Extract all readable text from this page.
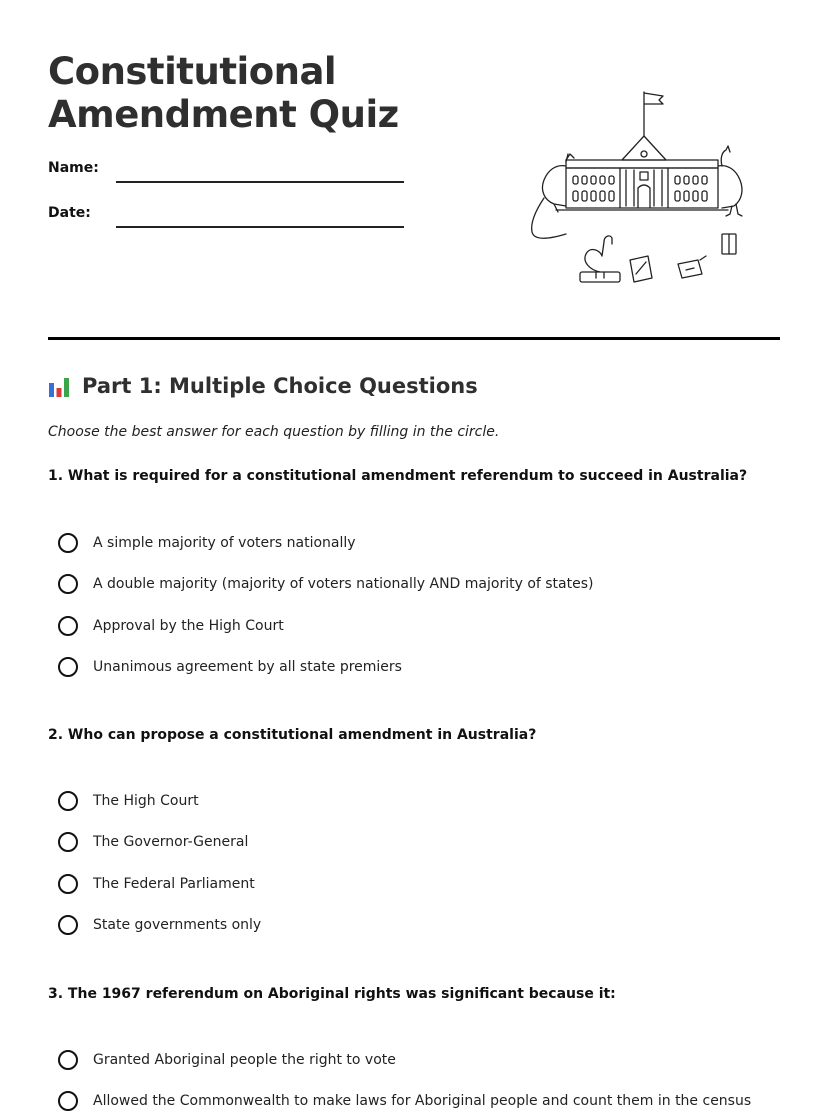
Constitutional
Amendment Quiz
Name:
Date:
Part 1: Multiple Choice Questions
Choose the best answer for each question by filling in the circle.
1. What is required for a constitutional amendment referendum to succeed in Australia?
A simple majority of voters nationally
A double majority (majority of voters nationally AND majority of states)
Approval by the High Court
Unanimous agreement by all state premiers
2. Who can propose a constitutional amendment in Australia?
The High Court
The Governor-General
The Federal Parliament
State governments only
3. The 1967 referendum on Aboriginal rights was significant because it:
Granted Aboriginal people the right to vote
Allowed the Commonwealth to make laws for Aboriginal people and count them in the census
